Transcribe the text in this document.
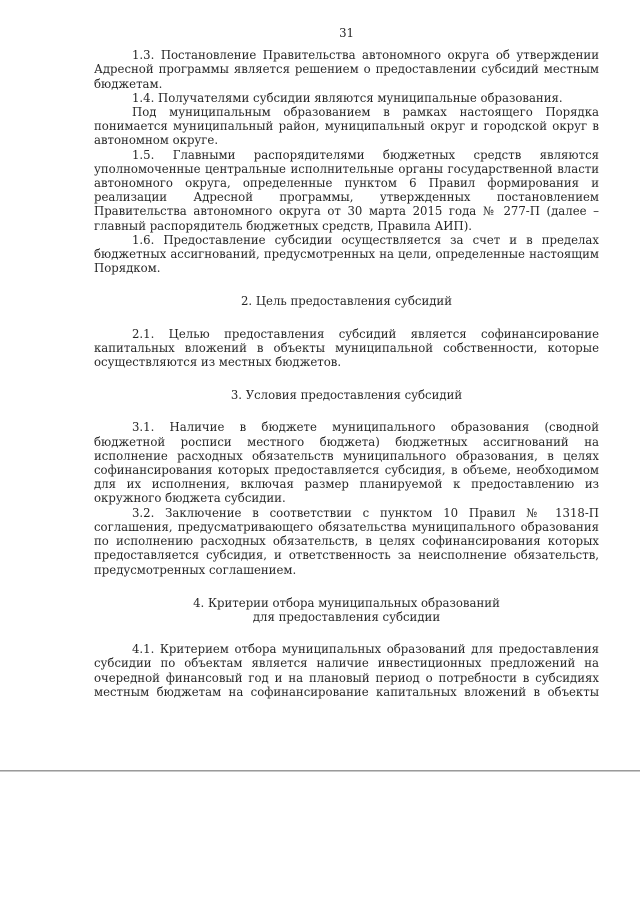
31

1.3. Постановление Правительства автономного округа об утверждении Адресной программы является решением о предоставлении субсидий местным бюджетам.

1.4. Получателями субсидии являются муниципальные образования.

Под муниципальным образованием в рамках настоящего Порядка понимается муниципальный район, муниципальный округ и городской округ в автономном округе.

1.5. Главными распорядителями бюджетных средств являются уполномоченные центральные исполнительные органы государственной власти автономного округа, определенные пунктом 6 Правил формирования и реализации Адресной программы, утвержденных постановлением Правительства автономного округа от 30 марта 2015 года № 277-П (далее – главный распорядитель бюджетных средств, Правила АИП).

1.6. Предоставление субсидии осуществляется за счет и в пределах бюджетных ассигнований, предусмотренных на цели, определенные настоящим Порядком.

2. Цель предоставления субсидий

2.1. Целью предоставления субсидий является софинансирование капитальных вложений в объекты муниципальной собственности, которые осуществляются из местных бюджетов.

3. Условия предоставления субсидий

3.1. Наличие в бюджете муниципального образования (сводной бюджетной росписи местного бюджета) бюджетных ассигнований на исполнение расходных обязательств муниципального образования, в целях софинансирования которых предоставляется субсидия, в объеме, необходимом для их исполнения, включая размер планируемой к предоставлению из окружного бюджета субсидии.

3.2. Заключение в соответствии с пунктом 10 Правил № 1318-П соглашения, предусматривающего обязательства муниципального образования по исполнению расходных обязательств, в целях софинансирования которых предоставляется субсидия, и ответственность за неисполнение обязательств, предусмотренных соглашением.

4. Критерии отбора муниципальных образований
для предоставления субсидии

4.1. Критерием отбора муниципальных образований для предоставления субсидии по объектам является наличие инвестиционных предложений на очередной финансовый год и на плановый период о потребности в субсидиях местным бюджетам на софинансирование капитальных вложений в объекты
